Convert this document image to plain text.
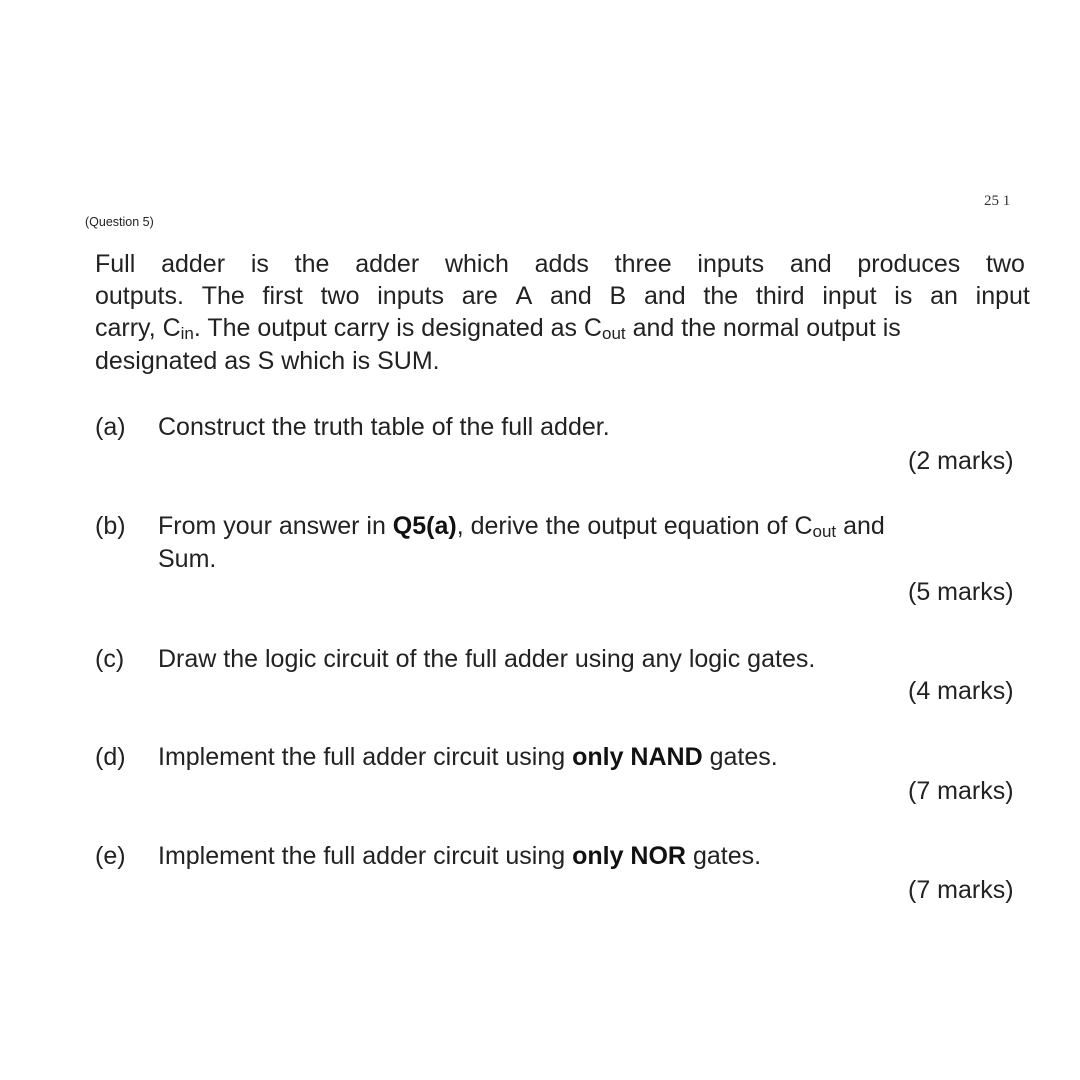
25 1
(Question 5)
Full adder is the adder which adds three inputs and produces two
outputs. The first two inputs are A and B and the third input is an input
carry, $C_{in}$. The output carry is designated as $C_{out}$ and the normal output is
designated as S which is SUM.
(a) Construct the truth table of the full adder.
(2 marks)
(b) From your answer in Q5(a), derive the output equation of $C_{out}$ and
Sum.
(5 marks)
(c) Draw the logic circuit of the full adder using any logic gates.
(4 marks)
(d) Implement the full adder circuit using only NAND gates.
(7 marks)
(e) Implement the full adder circuit using only NOR gates.
(7 marks)
